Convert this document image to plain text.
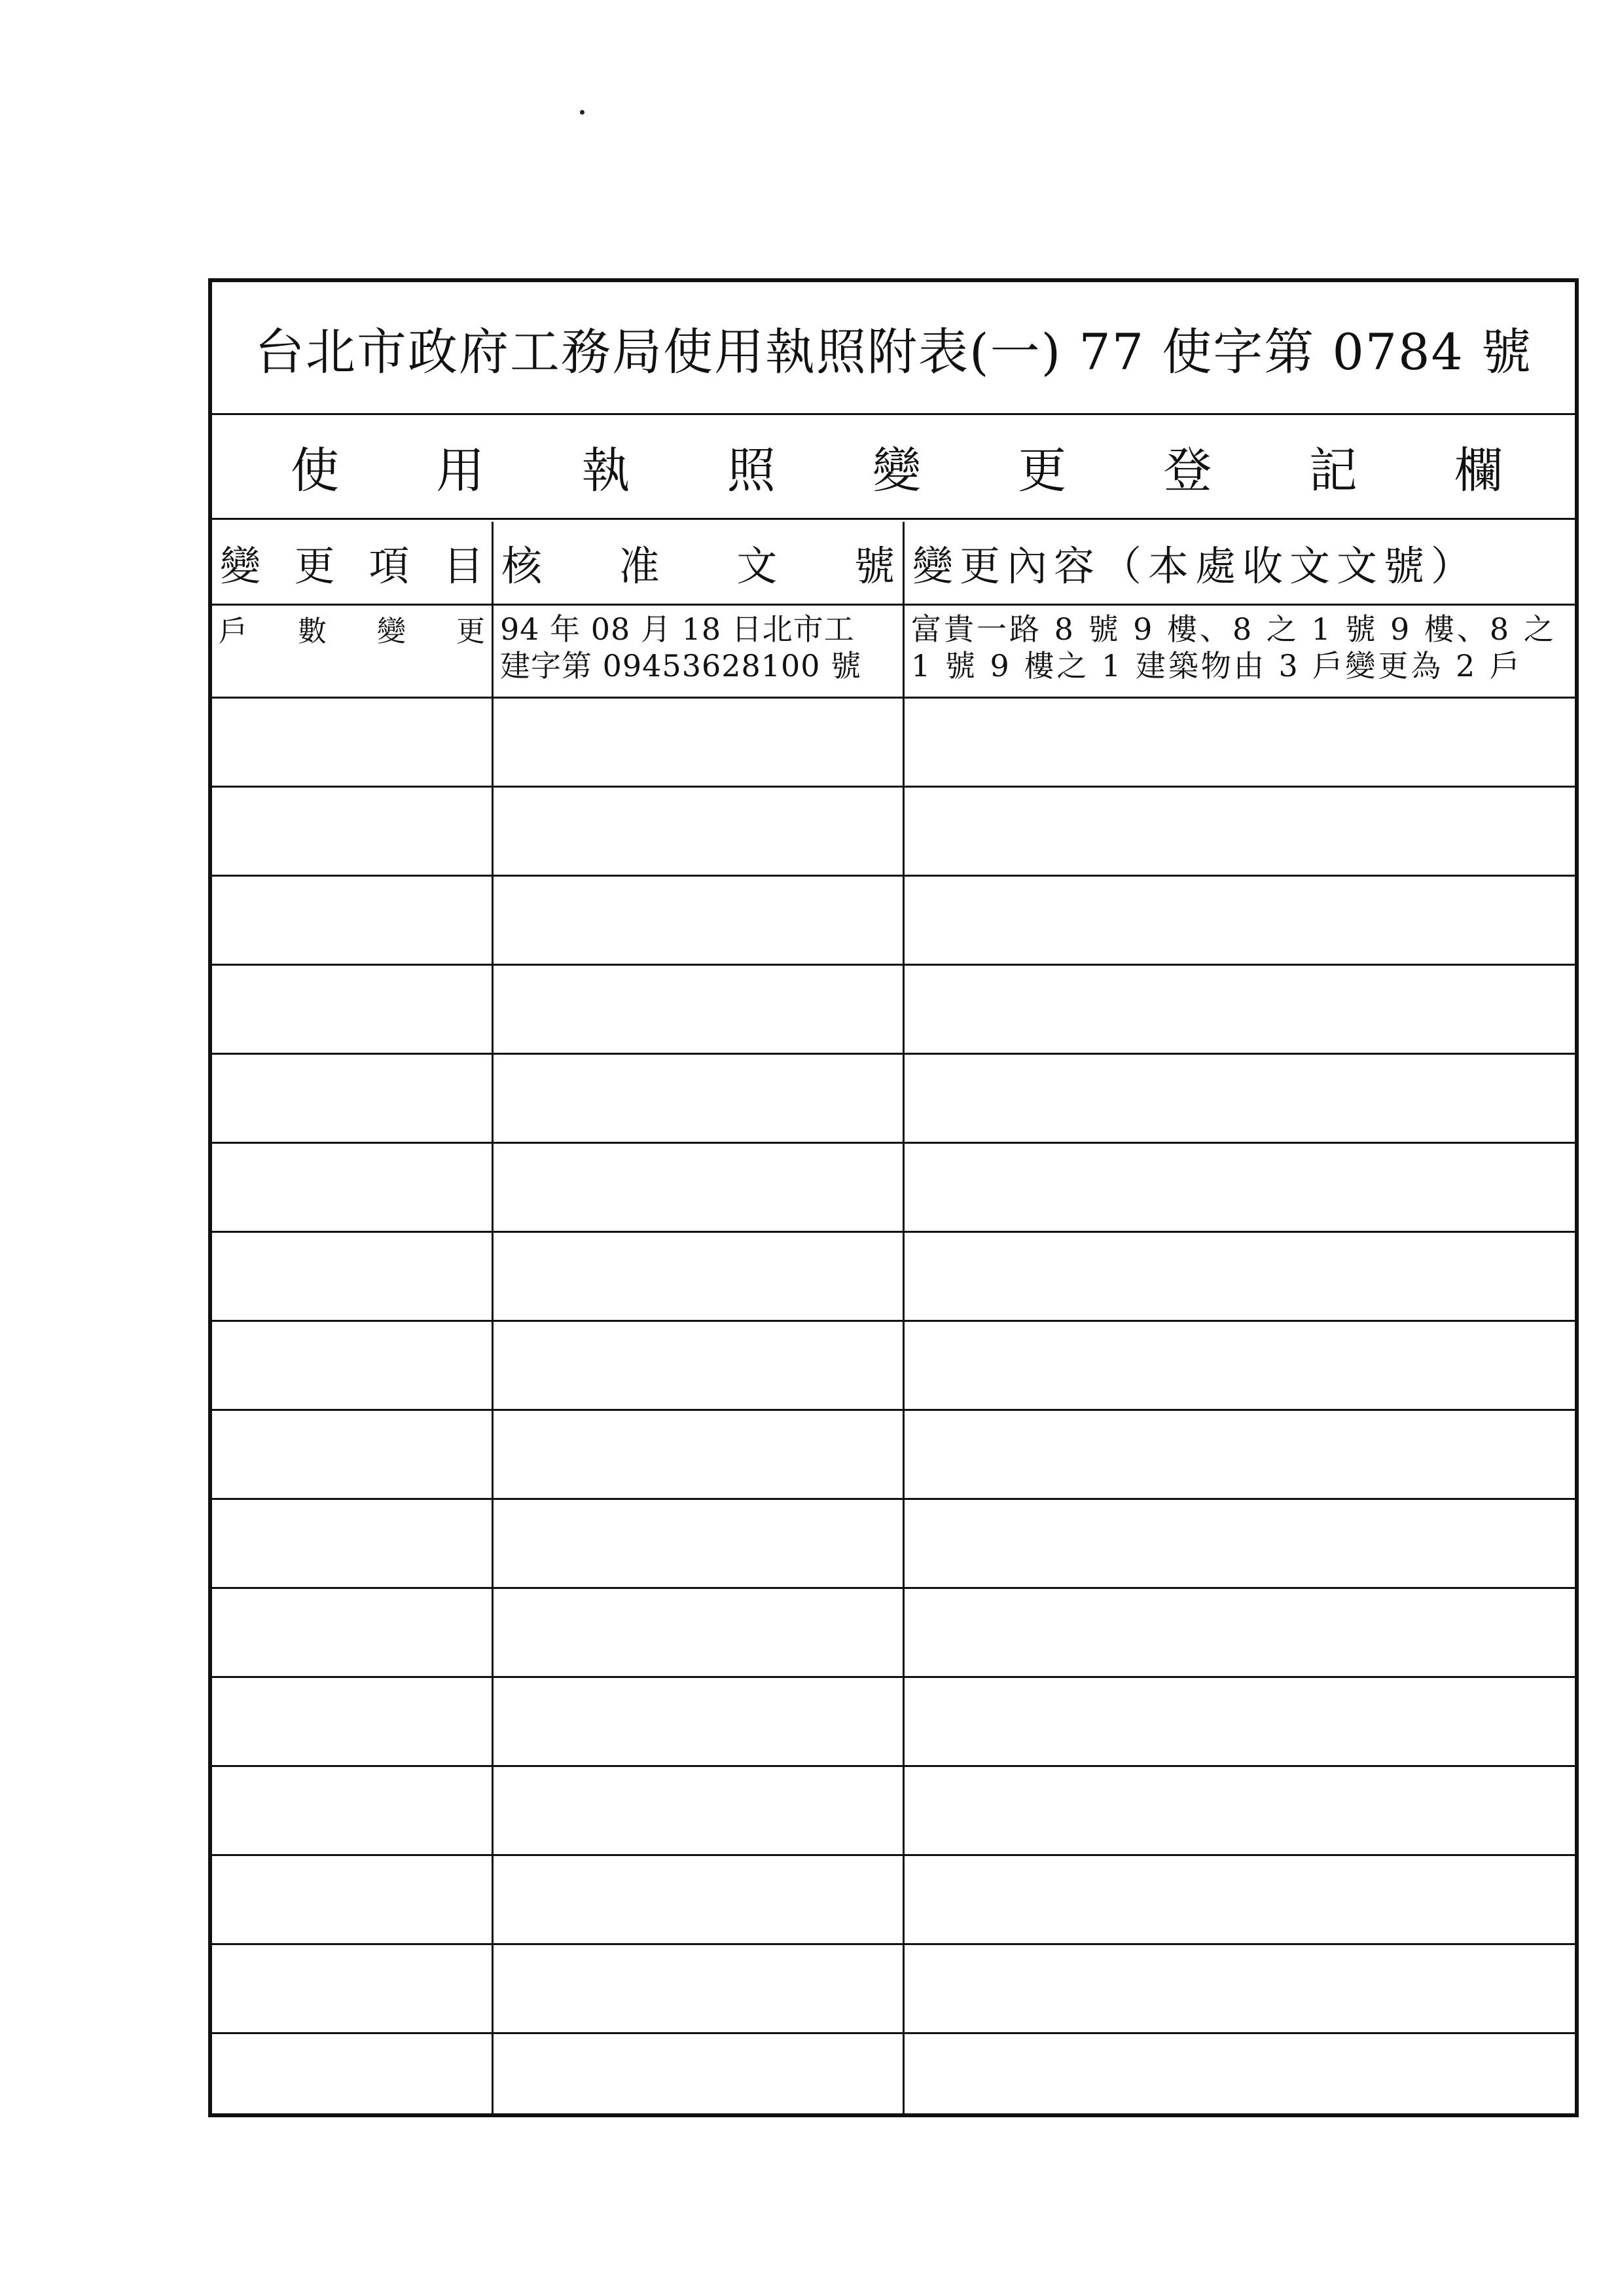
台北市政府工務局使用執照附表(一) 77 使字第 0784 號
使 用 執 照 變 更 登 記 欄
變 更 項 目 核 准 文 號 變更內容（本處收文文號）
戶 數 變 更 94 年 08 月 18 日北市工
建字第 09453628100 號
富貴一路 8 號 9 樓、8 之 1 號 9 樓、8 之
1 號 9 樓之 1 建築物由 3 戶變更為 2 戶
